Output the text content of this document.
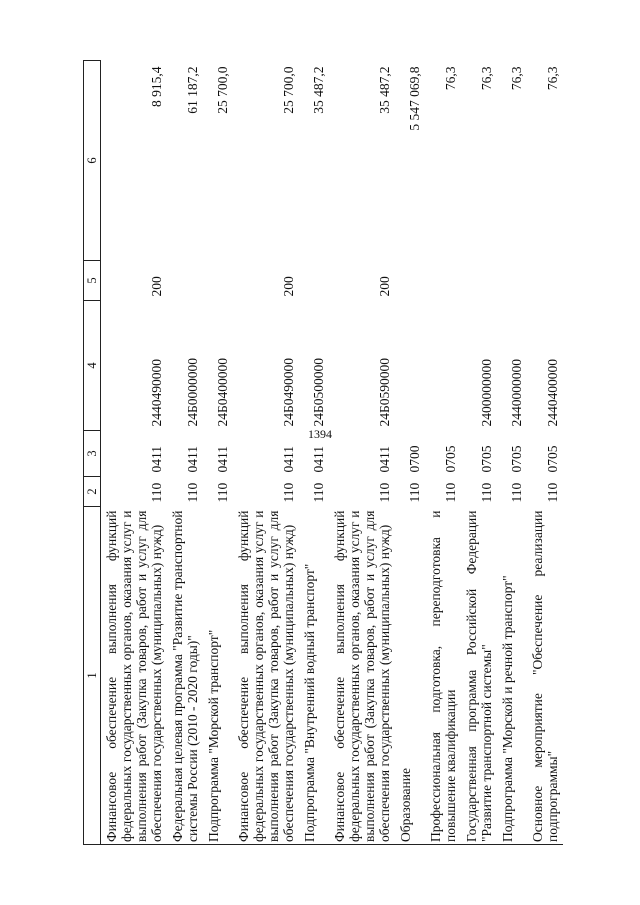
1394
1	2	3	4	5	6
Финансовое обеспечение выполнения функций федеральных государственных органов, оказания услуг и выполнения работ (Закупка товаров, работ и услуг для обеспечения государственных (муниципальных) нужд)	110	0411	2440490000	200	8 915,4
Федеральная целевая программа "Развитие транспортной системы России (2010 - 2020 годы)"	110	0411	24Б0000000		61 187,2
Подпрограмма "Морской транспорт"	110	0411	24Б0400000		25 700,0
Финансовое обеспечение выполнения функций федеральных государственных органов, оказания услуг и выполнения работ (Закупка товаров, работ и услуг для обеспечения государственных (муниципальных) нужд)	110	0411	24Б0490000	200	25 700,0
Подпрограмма "Внутренний водный транспорт"	110	0411	24Б0500000		35 487,2
Финансовое обеспечение выполнения функций федеральных государственных органов, оказания услуг и выполнения работ (Закупка товаров, работ и услуг для обеспечения государственных (муниципальных) нужд)	110	0411	24Б0590000	200	35 487,2
Образование	110	0700			5 547 069,8
Профессиональная подготовка, переподготовка и повышение квалификации	110	0705			76,3
Государственная программа Российской Федерации "Развитие транспортной системы"	110	0705	2400000000		76,3
Подпрограмма "Морской и речной транспорт"	110	0705	2440000000		76,3
Основное мероприятие "Обеспечение реализации подпрограммы"	110	0705	2440400000		76,3
